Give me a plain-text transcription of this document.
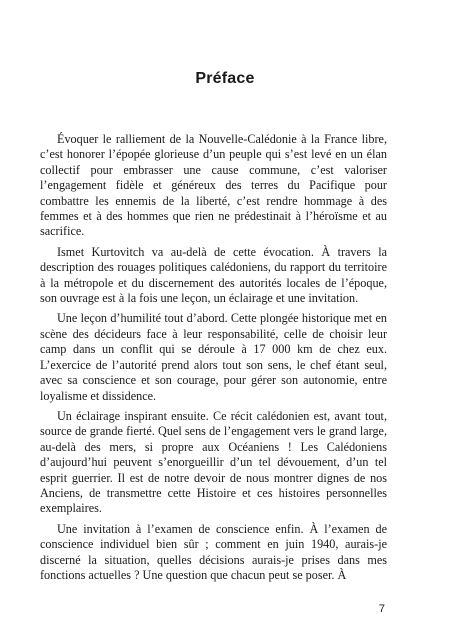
Préface

Évoquer le ralliement de la Nouvelle-Calédonie à la France libre, c’est honorer l’épopée glorieuse d’un peuple qui s’est levé en un élan collectif pour embrasser une cause commune, c’est valoriser l’engagement fidèle et généreux des terres du Pacifique pour combattre les ennemis de la liberté, c’est rendre hommage à des femmes et à des hommes que rien ne prédestinait à l’héroïsme et au sacrifice.

Ismet Kurtovitch va au-delà de cette évocation. À travers la description des rouages politiques calédoniens, du rapport du territoire à la métropole et du discernement des autorités locales de l’époque, son ouvrage est à la fois une leçon, un éclairage et une invitation.

Une leçon d’humilité tout d’abord. Cette plongée historique met en scène des décideurs face à leur responsabilité, celle de choisir leur camp dans un conflit qui se déroule à 17 000 km de chez eux. L’exercice de l’autorité prend alors tout son sens, le chef étant seul, avec sa conscience et son courage, pour gérer son autonomie, entre loyalisme et dissidence.

Un éclairage inspirant ensuite. Ce récit calédonien est, avant tout, source de grande fierté. Quel sens de l’engagement vers le grand large, au-delà des mers, si propre aux Océaniens ! Les Calédoniens d’aujourd’hui peuvent s’enorgueillir d’un tel dévouement, d’un tel esprit guerrier. Il est de notre devoir de nous montrer dignes de nos Anciens, de transmettre cette Histoire et ces histoires personnelles exemplaires.

Une invitation à l’examen de conscience enfin. À l’examen de conscience individuel bien sûr ; comment en juin 1940, aurais-je discerné la situation, quelles décisions aurais-je prises dans mes fonctions actuelles ? Une question que chacun peut se poser. À

7
